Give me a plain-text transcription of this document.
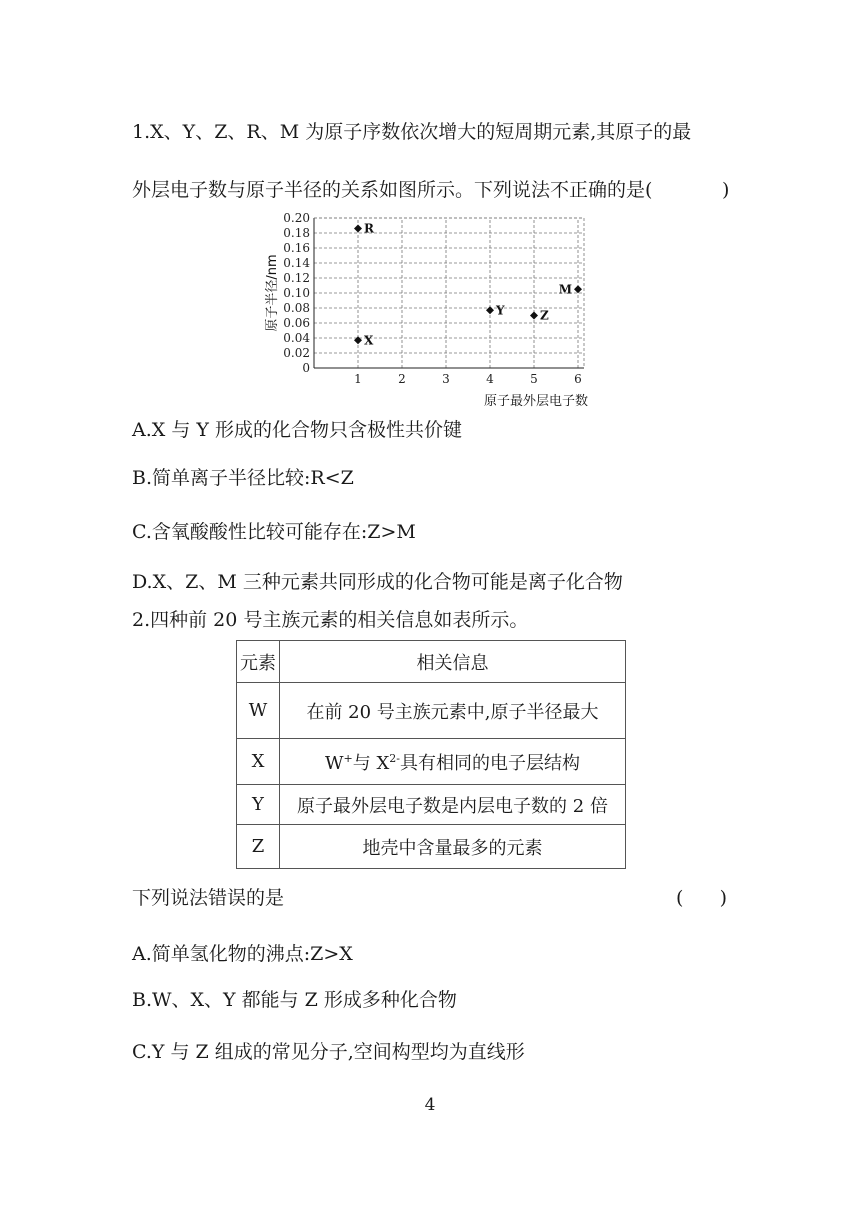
1.X、Y、Z、R、M 为原子序数依次增大的短周期元素,其原子的最
外层电子数与原子半径的关系如图所示。下列说法不正确的是(	)
0
0.02
0.04
0.06
0.08
0.10
0.12
0.14
0.16
0.18
0.20
1	2	3	4	5	6
R
X
Y	Z
M
原子最外层电子数
原子半径/nm
A.X 与 Y 形成的化合物只含极性共价键
B.简单离子半径比较:R<Z
C.含氧酸酸性比较可能存在:Z>M
D.X、Z、M 三种元素共同形成的化合物可能是离子化合物
2.四种前 20 号主族元素的相关信息如表所示。
元素	相关信息
W	在前 20 号主族元素中,原子半径最大
X	W+与 $X^{2-}$具有相同的电子层结构
Y	原子最外层电子数是内层电子数的 2 倍
Z	地壳中含量最多的元素
下列说法错误的是	(      )
A.简单氢化物的沸点:Z>X
B.W、X、Y 都能与 Z 形成多种化合物
C.Y 与 Z 组成的常见分子,空间构型均为直线形
4
